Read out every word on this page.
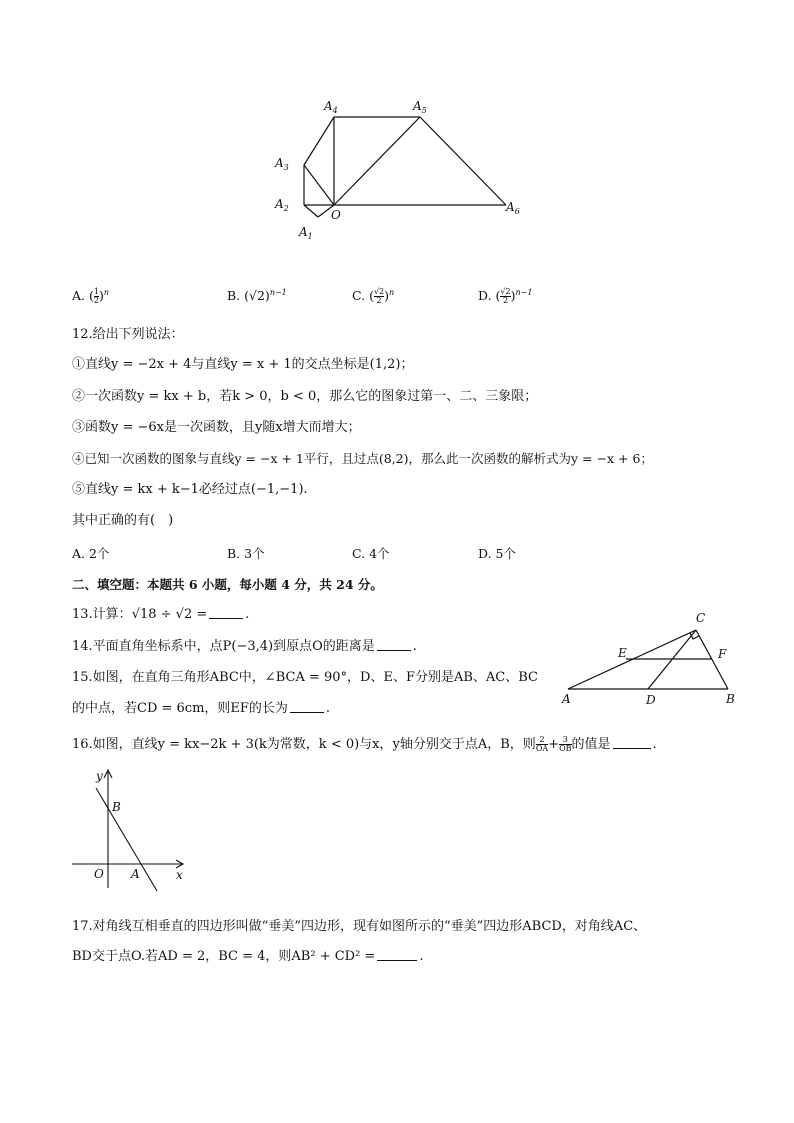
$A_4$	$A_5$
$A_3$
$A_2$
$A_1$
O
$A_6$
A. ( $\frac{1}{2} )^n$	B. $(√2)^{n-1}$	C. ( $\frac{√2}{2} )^n$	D. ( $\frac{√2}{2} )^{n-1}$
12.给出下列说法：
①直线y = −2x + 4与直线y = x + 1的交点坐标是(1,2)；
②一次函数y = kx + b，若k > 0，b < 0，那么它的图象过第一、二、三象限；
③函数y = −6x是一次函数，且y随x增大而增大；
④已知一次函数的图象与直线y = −x + 1平行，且过点(8,2)，那么此一次函数的解析式为y = −x + 6；
⑤直线y = kx + k−1必经过点(−1,−1).
其中正确的有(　)
A. 2个	B. 3个	C. 4个	D. 5个
二、填空题：本题共 6 小题，每小题 4 分，共 24 分。
13.计算：√18 ÷ √2 =	.
14.平面直角坐标系中，点P(−3,4)到原点O的距离是	.
15.如图，在直角三角形ABC中，∠BCA = 90°，D、E、F分别是AB、AC、BC
的中点，若CD = 6cm，则EF的长为	.
C
E	F
A	D	B
16.如图，直线y = kx−2k + 3(k为常数，k < 0)与x，y轴分别交于点A，B，则 $\frac{2}{OA} + \frac{3}{OB}$ 的值是	.
y
B
O A	x
17.对角线互相垂直的四边形叫做“垂美”四边形，现有如图所示的“垂美”四边形ABCD，对角线AC、
BD交于点O.若AD = 2，BC = 4，则AB² + CD² =	.
